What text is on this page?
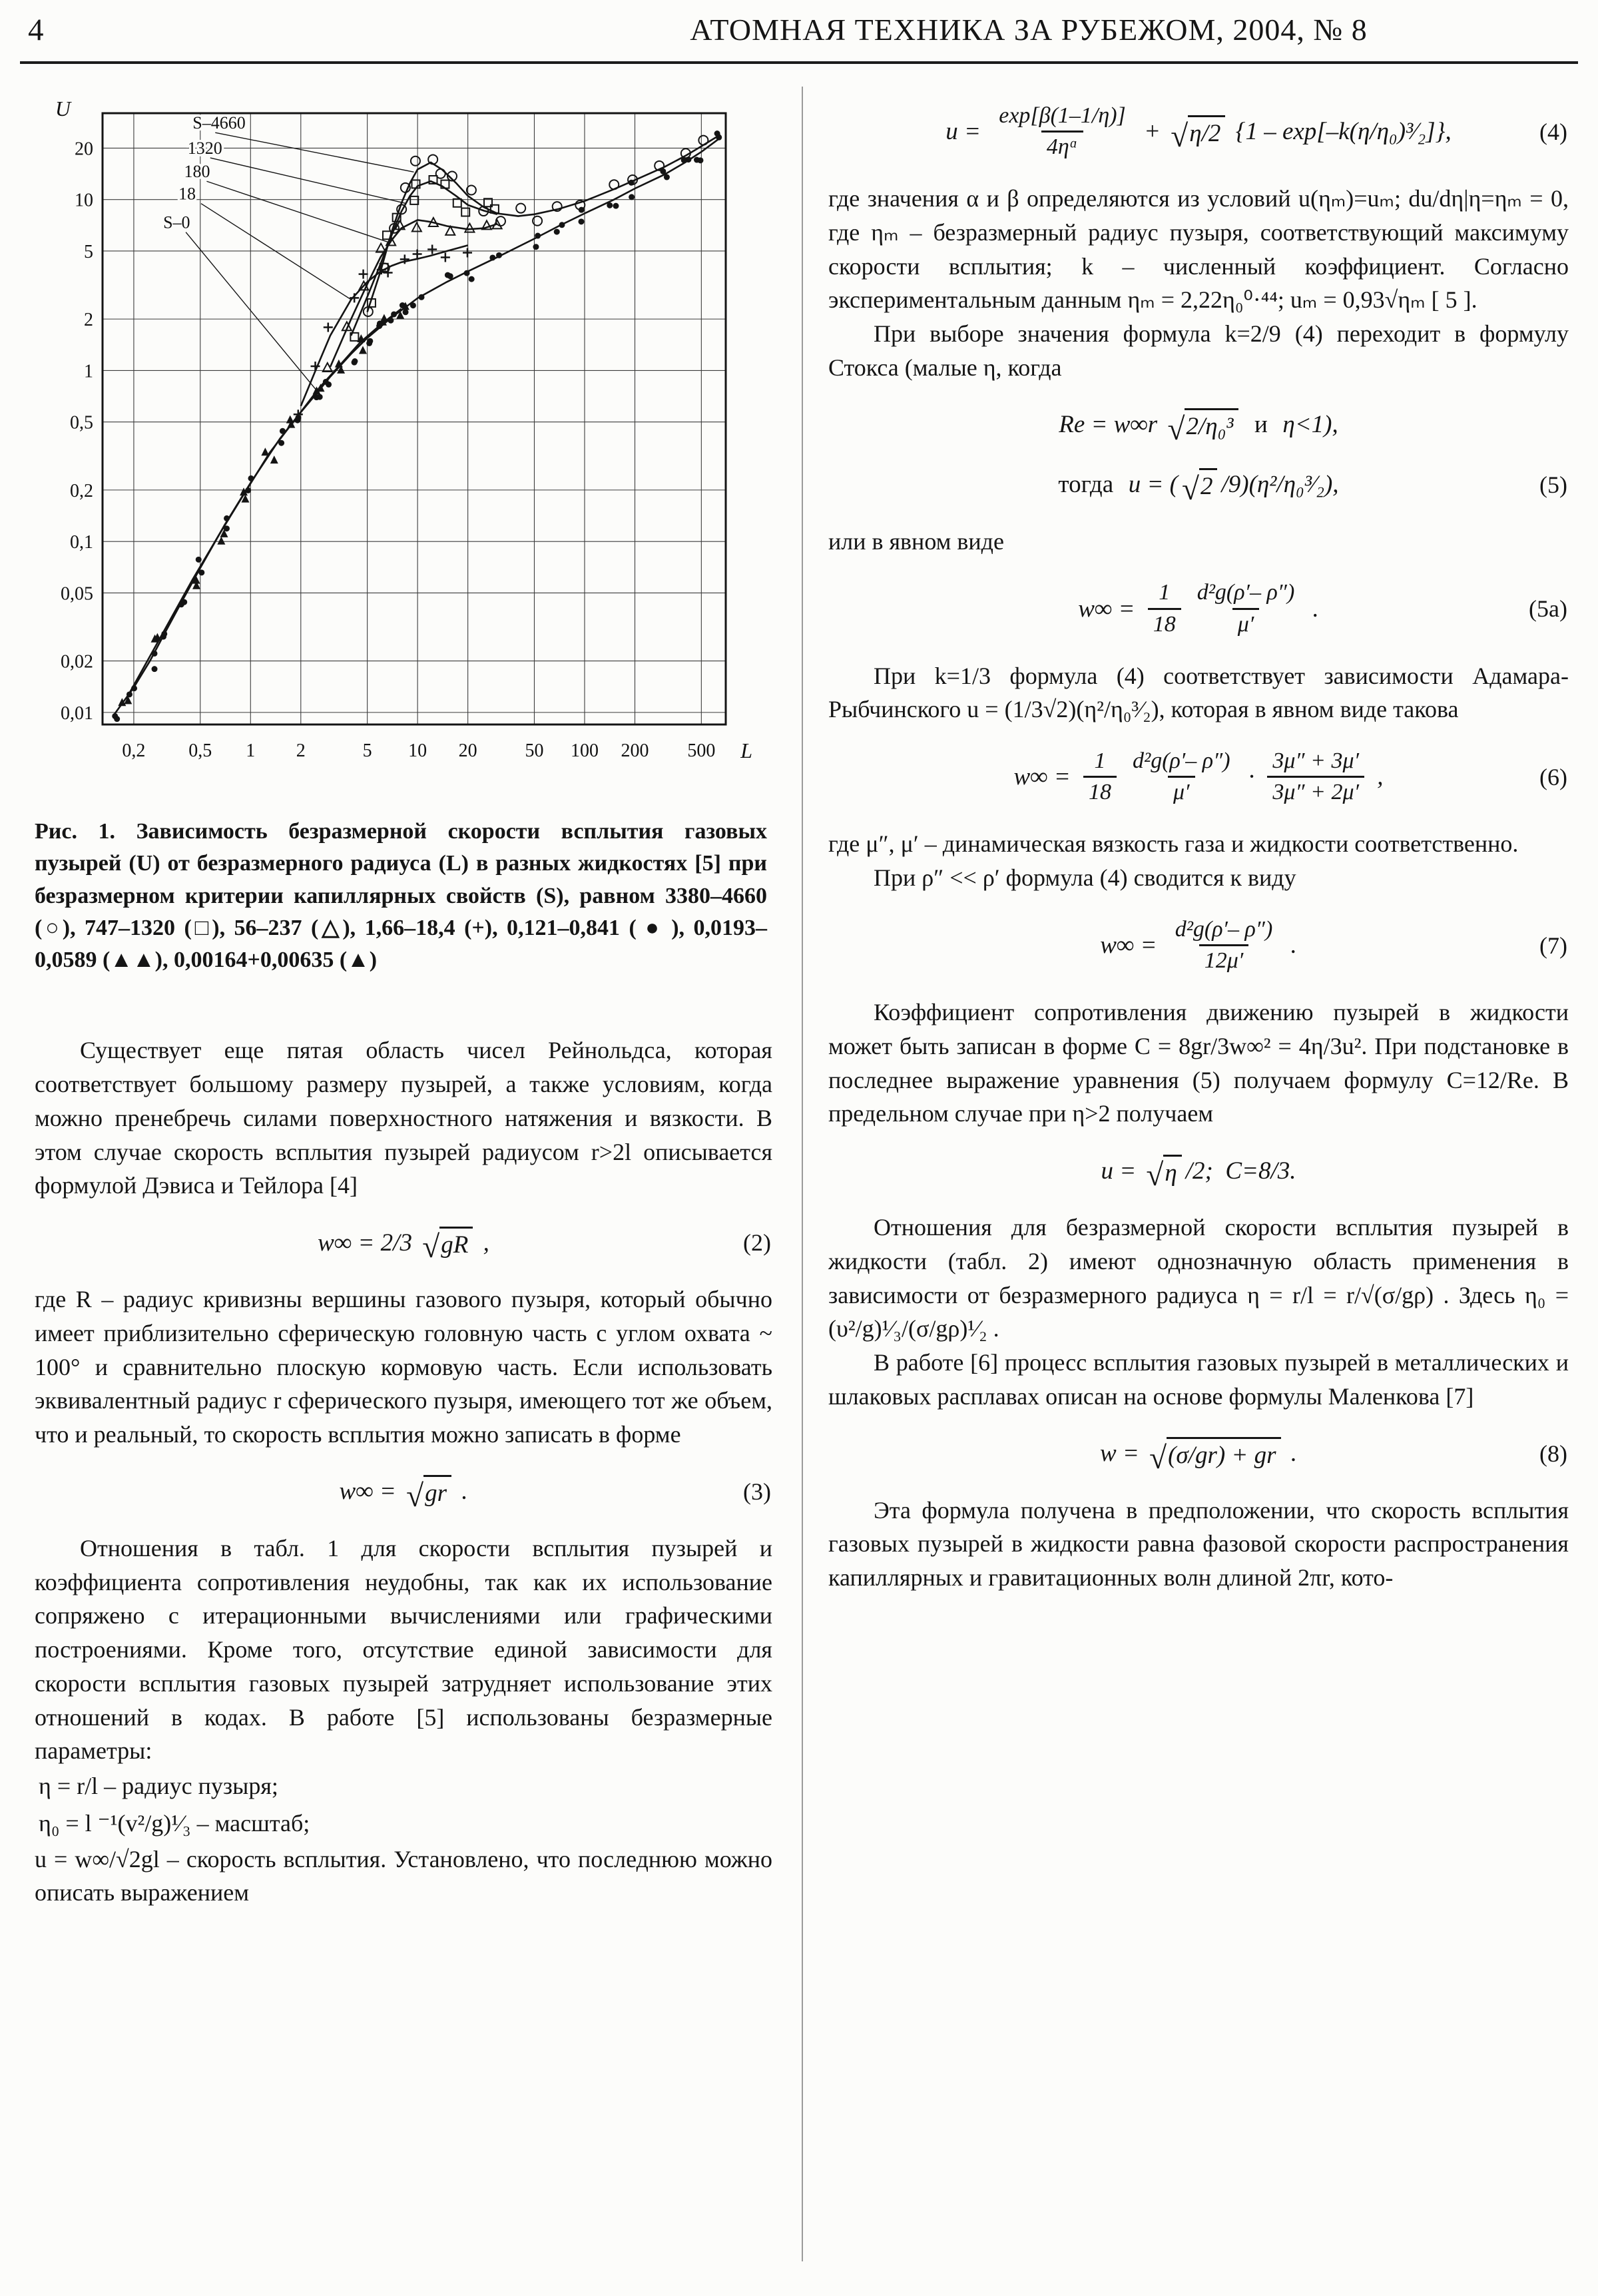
4	АТОМНАЯ ТЕХНИКА ЗА РУБЕЖОМ, 2004, № 8
0,01
0,02
0,05
0,1
0,2
0,5
1
2
5
10
20
0,2 0,5 1 2	5 10 20	50 100 200 500
U
L
S–4660
1320
180
18
S–0
Рис. 1. Зависимость безразмерной скорости всплытия газовых пузырей (U) от безразмерного радиуса (L) в разных жидкостях [5] при безразмерном критерии капиллярных свойств (S), равном 3380–4660 (○), 747–1320 (□), 56–237 (△), 1,66–18,4 (+), 0,121–0,841 ( ● ), 0,0193–0,0589 (▲▲), 0,00164+0,00635 (▲)
Существует еще пятая область чисел Рейнольдса, которая соответствует большому размеру пузырей, а также условиям, когда можно пренебречь силами поверхностного натяжения и вязкости. В этом случае скорость всплытия пузырей радиусом r>2l описывается формулой Дэвиса и Тейлора [4]
w∞ = 2/3 √ gR ,	(2)
где R – радиус кривизны вершины газового пузыря, который обычно имеет приблизительно сферическую головную часть с углом охвата ~ 100° и сравнительно плоскую кормовую часть. Если использовать эквивалентный радиус r сферического пузыря, имеющего тот же объем, что и реальный, то скорость всплытия можно записать в форме
w∞ = √ gr .	(3)
Отношения в табл. 1 для скорости всплытия пузырей и коэффициента сопротивления неудобны, так как их использование сопряжено с итерационными вычислениями или графическими построениями. Кроме того, отсутствие единой зависимости для скорости всплытия газовых пузырей затрудняет использование этих отношений в кодах. В работе [5] использованы безразмерные параметры:
η = r/l – радиус пузыря;
η₀ = l ⁻¹(v²/g)¹⁄₃ – масштаб;
u = w∞/√2gl – скорость всплытия. Установлено, что последнюю можно описать выражением
$u = \frac{\exp[\beta(1-1/\eta)]}{\text{4ηᵅ}}$ + √ η/2 {1 – exp[–k(η/η₀)³⁄₂]},	(4)
где значения α и β определяются из условий u(ηₘ)=uₘ; du/dη|η=ηₘ = 0, где ηₘ – безразмерный радиус пузыря, соответствующий максимуму скорости всплытия; k – численный коэффициент. Согласно экспериментальным данным ηₘ = 2,22η₀⁰·⁴⁴; uₘ = 0,93√ηₘ [ 5 ].
При выборе значения формула k=2/9 (4) переходит в формулу Стокса (малые η, когда
Re = w∞r √ 2/η₀³ и η<1),
тогда u = ( √ 2 /9)(η²/η₀³⁄₂),	(5)
или в явном виде
$w\infty = \frac{1}{18} \frac{\text{d²g(ρ′– ρ″)}}{\mu'}$ .	(5а)
При k=1/3 формула (4) соответствует зависимости Адамара-Рыбчинского u = (1/3√2)(η²/η₀³⁄₂), которая в явном виде такова
$w\infty = \frac{1}{18} \frac{\text{d²g(ρ′– ρ″)}}{\mu'} \cdot \frac{3\mu'' + 3\mu'}{3\mu'' + 2\mu'}$ ,	(6)
где μ″, μ′ – динамическая вязкость газа и жидкости соответственно.
При ρ″ << ρ′ формула (4) сводится к виду
$w\infty = \frac{\text{d²g(ρ′– ρ″)}}{12\mu'}$ .	(7)
Коэффициент сопротивления движению пузырей в жидкости может быть записан в форме C = 8gr/3w∞² = 4η/3u². При подстановке в последнее выражение уравнения (5) получаем формулу C=12/Re. В предельном случае при η>2 получаем
u = √ η /2;  C=8/3.
Отношения для безразмерной скорости всплытия пузырей в жидкости (табл. 2) имеют однозначную область применения в зависимости от безразмерного радиуса η = r/l = r/√(σ/gρ) . Здесь η₀ = (υ²/g)¹⁄₃/(σ/gρ)¹⁄₂ .
В работе [6] процесс всплытия газовых пузырей в металлических и шлаковых расплавах описан на основе формулы Маленкова [7]
w = √ (σ/gr) + gr .	(8)
Эта формула получена в предположении, что скорость всплытия газовых пузырей в жидкости равна фазовой скорости распространения капиллярных и гравитационных волн длиной 2πr, кото-
